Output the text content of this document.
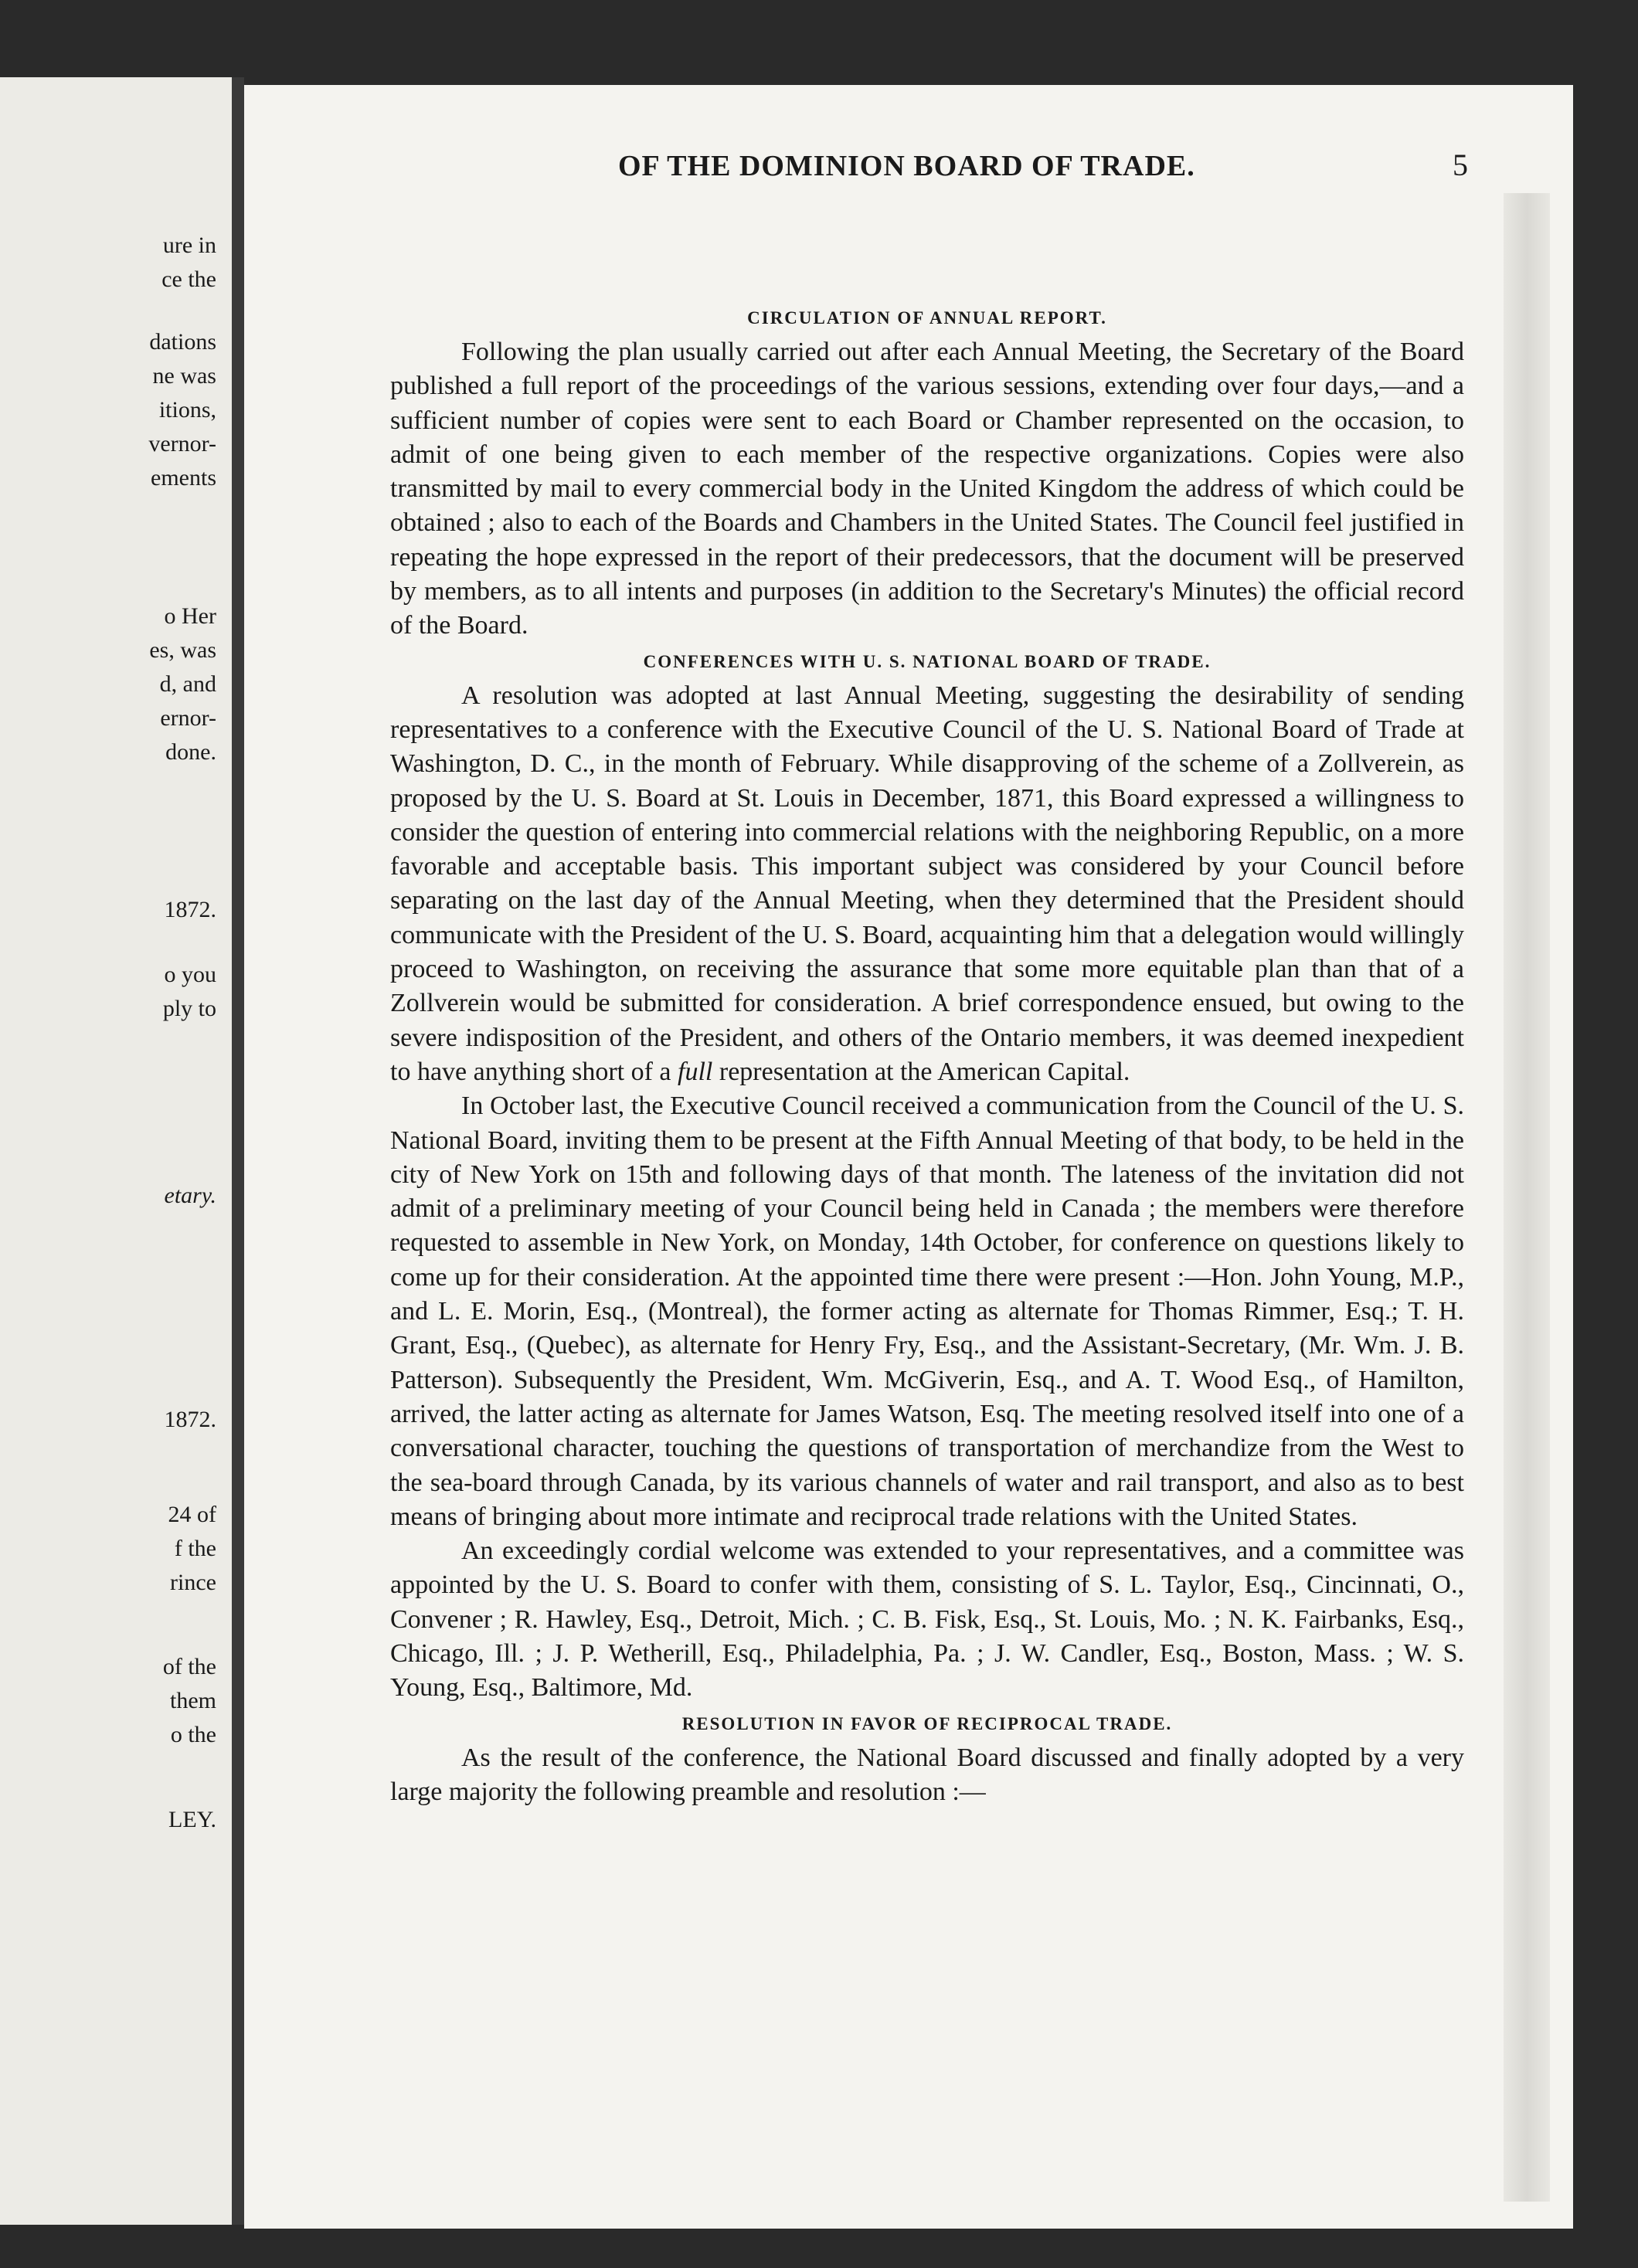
ure in
ce the
dations
ne was
itions,
vernor-
ements
o Her
es, was
d, and
ernor-
done.
1872.
o you
ply to
etary.
1872.
24 of
f the
rince
of the
them
o the
LEY.
OF THE DOMINION BOARD OF TRADE.	5
CIRCULATION OF ANNUAL REPORT.

Following the plan usually carried out after each Annual Meeting, the Secretary of the Board published a full report of the proceedings of the various sessions, extending over four days,—and a sufficient number of copies were sent to each Board or Chamber represented on the occasion, to admit of one being given to each member of the respective organizations. Copies were also transmitted by mail to every commercial body in the United Kingdom the address of which could be obtained ; also to each of the Boards and Chambers in the United States. The Council feel justified in repeating the hope expressed in the report of their predecessors, that the document will be preserved by members, as to all intents and purposes (in addition to the Secretary's Minutes) the official record of the Board.

CONFERENCES WITH U. S. NATIONAL BOARD OF TRADE.

A resolution was adopted at last Annual Meeting, suggesting the desirability of sending representatives to a conference with the Executive Council of the U. S. National Board of Trade at Washington, D. C., in the month of February. While disapproving of the scheme of a Zollverein, as proposed by the U. S. Board at St. Louis in December, 1871, this Board expressed a willingness to consider the question of entering into commercial relations with the neighboring Republic, on a more favorable and acceptable basis. This important subject was considered by your Council before separating on the last day of the Annual Meeting, when they determined that the President should communicate with the President of the U. S. Board, acquainting him that a delegation would willingly proceed to Washington, on receiving the assurance that some more equitable plan than that of a Zollverein would be submitted for consideration. A brief correspondence ensued, but owing to the severe indisposition of the President, and others of the Ontario members, it was deemed inexpedient to have anything short of a full representation at the American Capital.

In October last, the Executive Council received a communication from the Council of the U. S. National Board, inviting them to be present at the Fifth Annual Meeting of that body, to be held in the city of New York on 15th and following days of that month. The lateness of the invitation did not admit of a preliminary meeting of your Council being held in Canada ; the members were therefore requested to assemble in New York, on Monday, 14th October, for conference on questions likely to come up for their consideration. At the appointed time there were present :—Hon. John Young, M.P., and L. E. Morin, Esq., (Montreal), the former acting as alternate for Thomas Rimmer, Esq.; T. H. Grant, Esq., (Quebec), as alternate for Henry Fry, Esq., and the Assistant-Secretary, (Mr. Wm. J. B. Patterson). Subsequently the President, Wm. McGiverin, Esq., and A. T. Wood Esq., of Hamilton, arrived, the latter acting as alternate for James Watson, Esq. The meeting resolved itself into one of a conversational character, touching the questions of transportation of merchandize from the West to the sea-board through Canada, by its various channels of water and rail transport, and also as to best means of bringing about more intimate and reciprocal trade relations with the United States.

An exceedingly cordial welcome was extended to your representatives, and a committee was appointed by the U. S. Board to confer with them, consisting of S. L. Taylor, Esq., Cincinnati, O., Convener ; R. Hawley, Esq., Detroit, Mich. ; C. B. Fisk, Esq., St. Louis, Mo. ; N. K. Fairbanks, Esq., Chicago, Ill. ; J. P. Wetherill, Esq., Philadelphia, Pa. ; J. W. Candler, Esq., Boston, Mass. ; W. S. Young, Esq., Baltimore, Md.

RESOLUTION IN FAVOR OF RECIPROCAL TRADE.

As the result of the conference, the National Board discussed and finally adopted by a very large majority the following preamble and resolution :—
